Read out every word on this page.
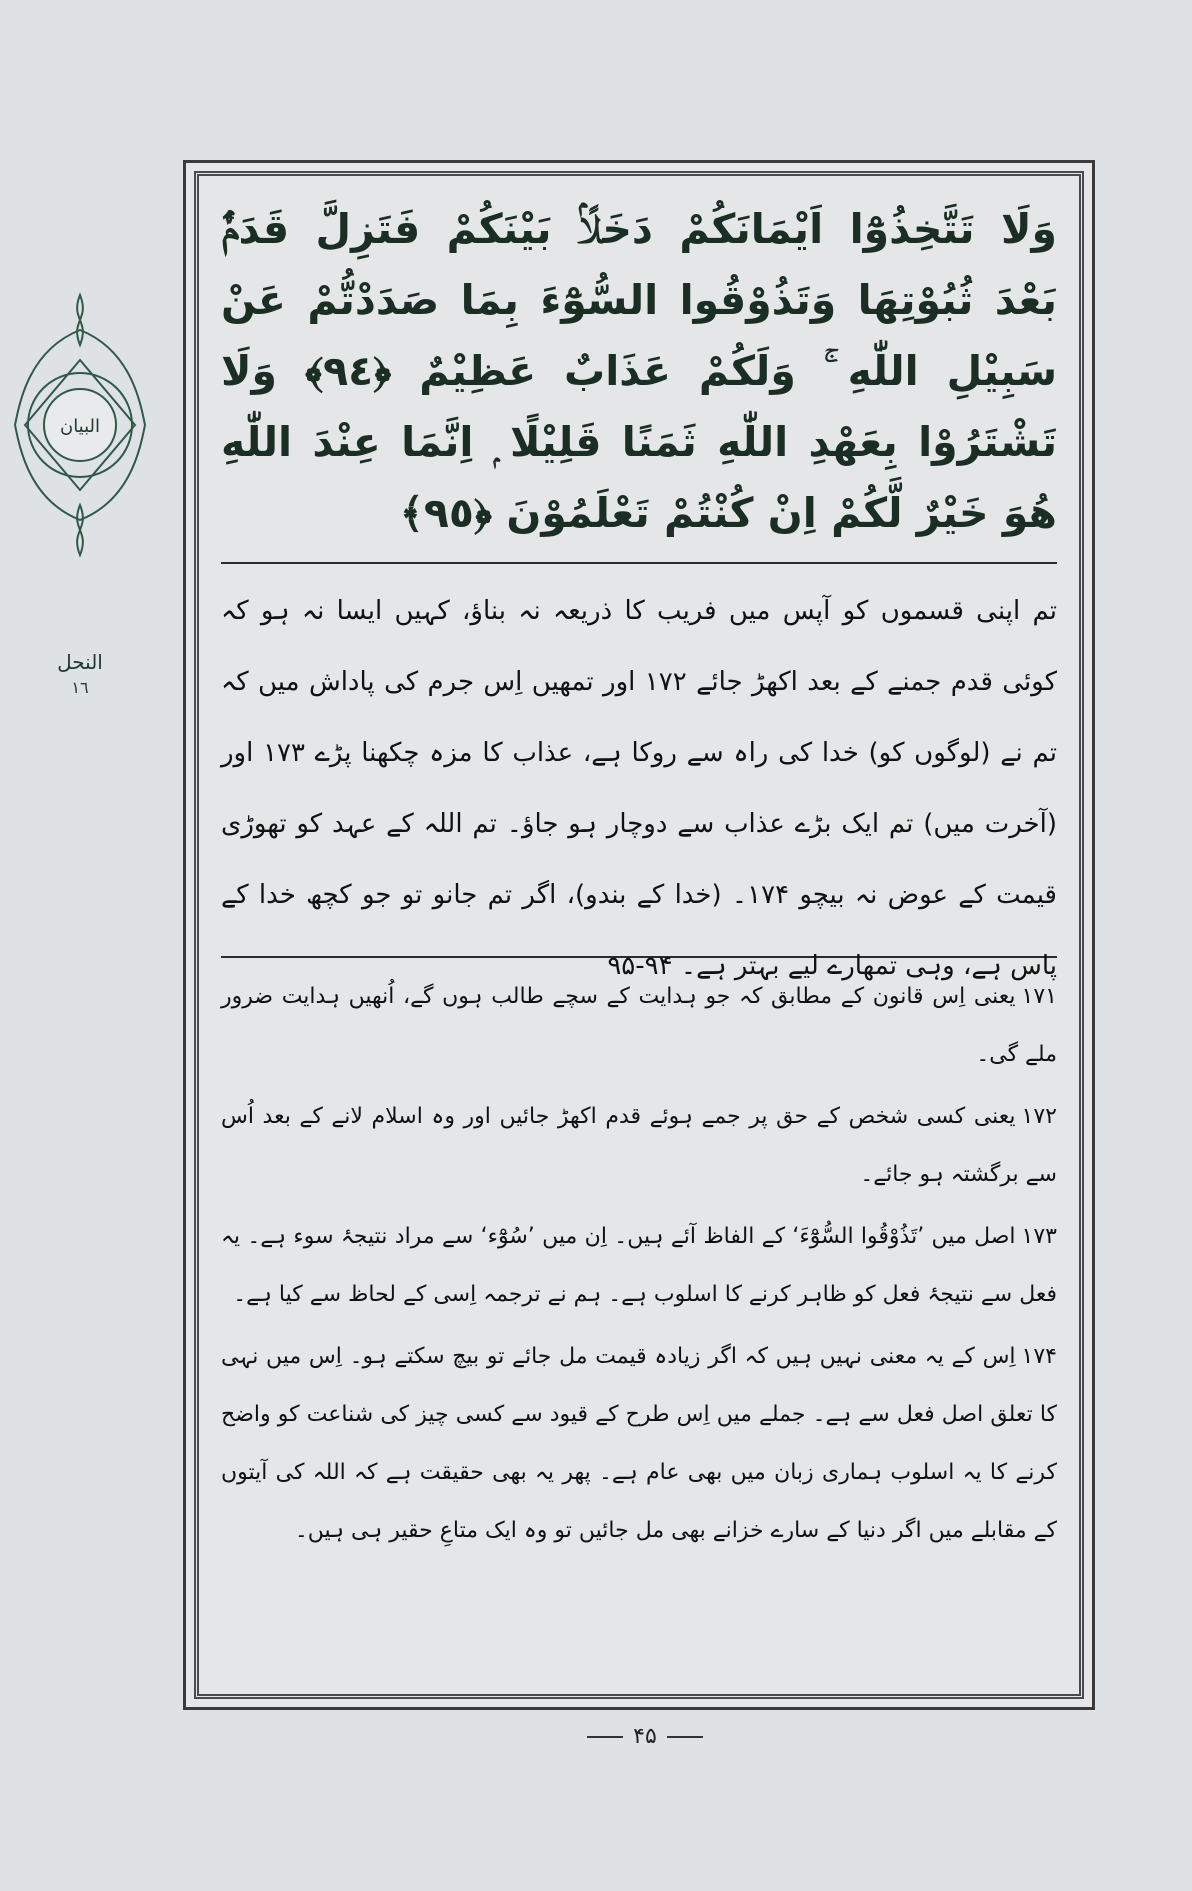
البیان
النحل
١٦

وَلَا تَتَّخِذُوْٓا اَيْمَانَكُمْ دَخَلًاۢ بَيْنَكُمْ فَتَزِلَّ قَدَمٌۢ بَعْدَ ثُبُوْتِهَا وَتَذُوْقُوا السُّوْٓءَ بِمَا صَدَدْتُّمْ عَنْ سَبِيْلِ اللّٰهِ ۚ وَلَكُمْ عَذَابٌ عَظِيْمٌ ﴿٩٤﴾ وَلَا تَشْتَرُوْا بِعَهْدِ اللّٰهِ ثَمَنًا قَلِيْلًا ۭ اِنَّمَا عِنْدَ اللّٰهِ هُوَ خَيْرٌ لَّكُمْ اِنْ كُنْتُمْ تَعْلَمُوْنَ ﴿٩٥﴾

تم اپنی قسموں کو آپس میں فریب کا ذریعہ نہ بناؤ، کہیں ایسا نہ ہو کہ کوئی قدم جمنے کے بعد اکھڑ جائے ۱۷۲ اور تمھیں اِس جرم کی پاداش میں کہ تم نے (لوگوں کو) خدا کی راہ سے روکا ہے، عذاب کا مزہ چکھنا پڑے ۱۷۳ اور (آخرت میں) تم ایک بڑے عذاب سے دوچار ہو جاؤ۔ تم اللہ کے عہد کو تھوڑی قیمت کے عوض نہ بیچو ۱۷۴۔ (خدا کے بندو)، اگر تم جانو تو جو کچھ خدا کے پاس ہے، وہی تمھارے لیے بہتر ہے۔ ۹۴-۹۵

۱۷۱یعنی اِس قانون کے مطابق کہ جو ہدایت کے سچے طالب ہوں گے، اُنھیں ہدایت ضرور ملے گی۔

۱۷۲یعنی کسی شخص کے حق پر جمے ہوئے قدم اکھڑ جائیں اور وہ اسلام لانے کے بعد اُس سے برگشتہ ہو جائے۔

۱۷۳اصل میں ’تَذُوْقُوا السُّوْٓءَ‘ کے الفاظ آئے ہیں۔ اِن میں ’سُوْٓء‘ سے مراد نتیجۂ سوء ہے۔ یہ فعل سے نتیجۂ فعل کو ظاہر کرنے کا اسلوب ہے۔ ہم نے ترجمہ اِسی کے لحاظ سے کیا ہے۔

۱۷۴اِس کے یہ معنی نہیں ہیں کہ اگر زیادہ قیمت مل جائے تو بیچ سکتے ہو۔ اِس میں نہی کا تعلق اصل فعل سے ہے۔ جملے میں اِس طرح کے قیود سے کسی چیز کی شناعت کو واضح کرنے کا یہ اسلوب ہماری زبان میں بھی عام ہے۔ پھر یہ بھی حقیقت ہے کہ اللہ کی آیتوں کے مقابلے میں اگر دنیا کے سارے خزانے بھی مل جائیں تو وہ ایک متاعِ حقیر ہی ہیں۔

۴۵
